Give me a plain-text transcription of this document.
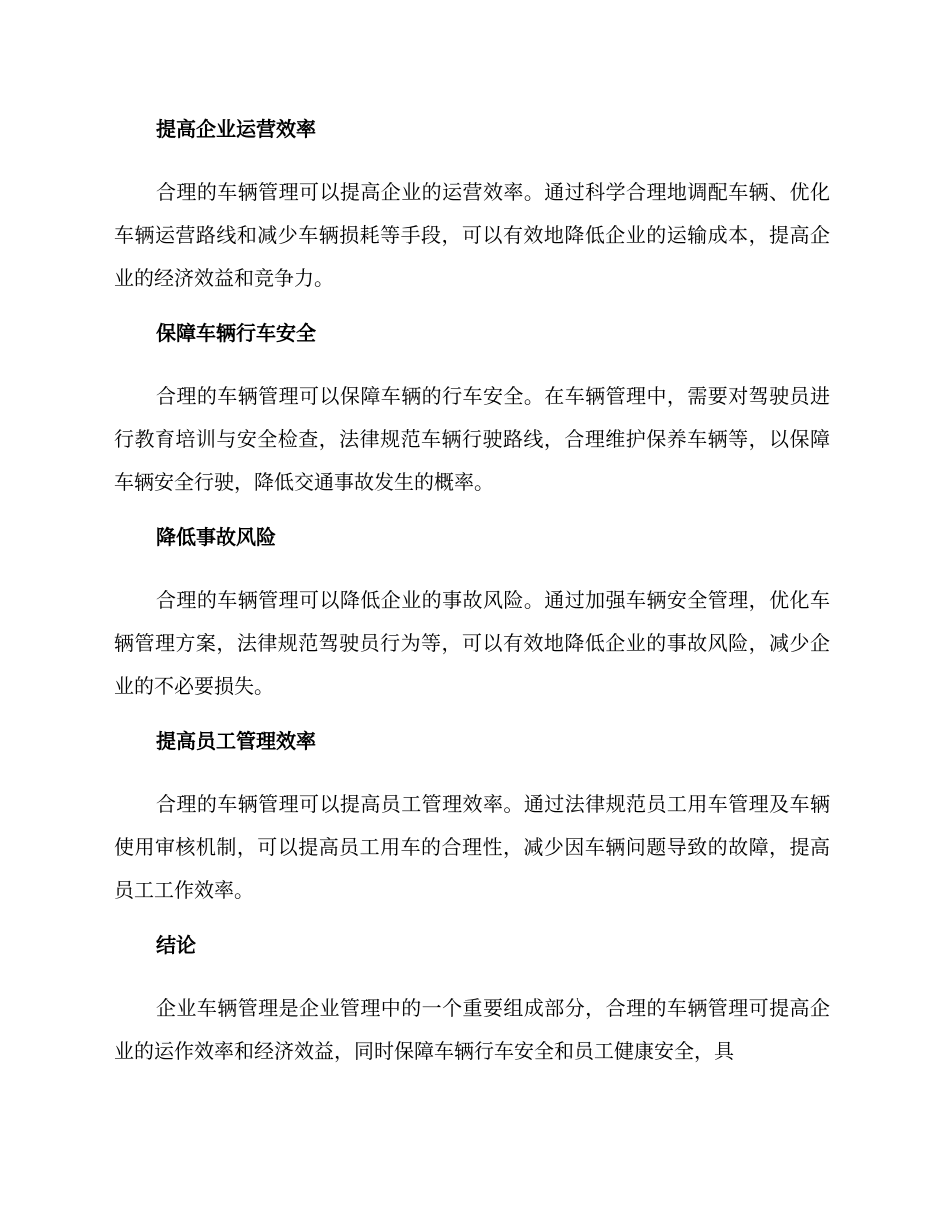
提高企业运营效率

合理的车辆管理可以提高企业的运营效率。通过科学合理地调配车辆、优化车辆运营路线和减少车辆损耗等手段，可以有效地降低企业的运输成本，提高企业的经济效益和竞争力。

保障车辆行车安全

合理的车辆管理可以保障车辆的行车安全。在车辆管理中，需要对驾驶员进行教育培训与安全检查，法律规范车辆行驶路线，合理维护保养车辆等，以保障车辆安全行驶，降低交通事故发生的概率。

降低事故风险

合理的车辆管理可以降低企业的事故风险。通过加强车辆安全管理，优化车辆管理方案，法律规范驾驶员行为等，可以有效地降低企业的事故风险，减少企业的不必要损失。

提高员工管理效率

合理的车辆管理可以提高员工管理效率。通过法律规范员工用车管理及车辆使用审核机制，可以提高员工用车的合理性，减少因车辆问题导致的故障，提高员工工作效率。

结论

企业车辆管理是企业管理中的一个重要组成部分，合理的车辆管理可提高企业的运作效率和经济效益，同时保障车辆行车安全和员工健康安全，具
